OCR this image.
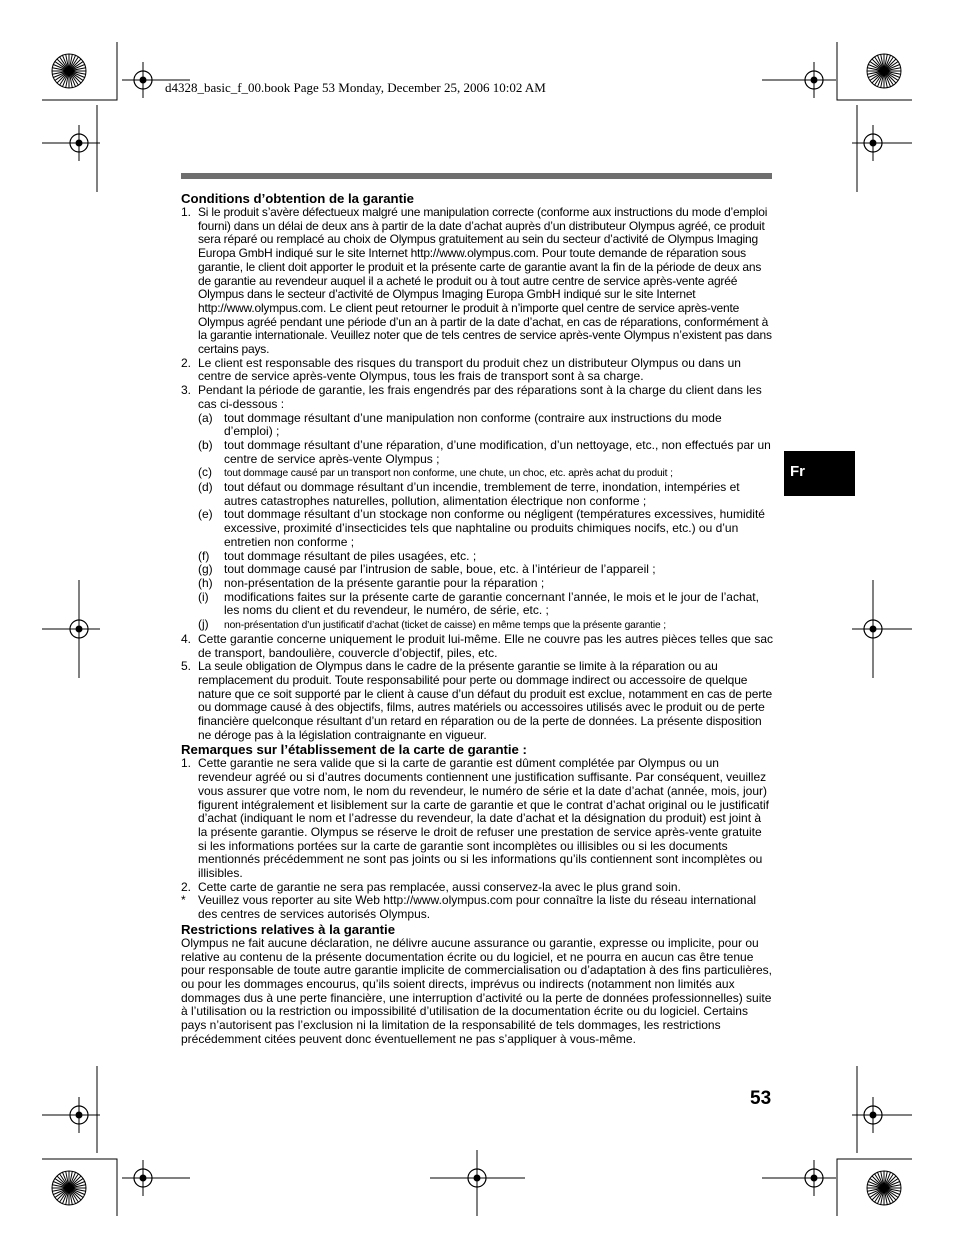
d4328_basic_f_00.book Page 53 Monday, December 25, 2006 10:02 AM
Fr
Conditions d’obtention de la garantie
1. Si le produit s’avère défectueux malgré une manipulation correcte (conforme aux instructions du mode d’emploi fourni) dans un délai de deux ans à partir de la date d’achat auprès d’un distributeur Olympus agréé, ce produit sera réparé ou remplacé au choix de Olympus gratuitement au sein du secteur d’activité de Olympus Imaging Europa GmbH indiqué sur le site Internet http://www.olympus.com. Pour toute demande de réparation sous garantie, le client doit apporter le produit et la présente carte de garantie avant la fin de la période de deux ans de garantie au revendeur auquel il a acheté le produit ou à tout autre centre de service après-vente agréé Olympus dans le secteur d’activité de Olympus Imaging Europa GmbH indiqué sur le site Internet http://www.olympus.com. Le client peut retourner le produit à n’importe quel centre de service après-vente Olympus agréé pendant une période d’un an à partir de la date d’achat, en cas de réparations, conformément à la garantie internationale. Veuillez noter que de tels centres de service après-vente Olympus n’existent pas dans certains pays.
2. Le client est responsable des risques du transport du produit chez un distributeur Olympus ou dans un centre de service après-vente Olympus, tous les frais de transport sont à sa charge.
3. Pendant la période de garantie, les frais engendrés par des réparations sont à la charge du client dans les cas ci-dessous :
(a) tout dommage résultant d’une manipulation non conforme (contraire aux instructions du mode d’emploi) ;
(b) tout dommage résultant d’une réparation, d’une modification, d’un nettoyage, etc., non effectués par un centre de service après-vente Olympus ;
(c) tout dommage causé par un transport non conforme, une chute, un choc, etc. après achat du produit ;
(d) tout défaut ou dommage résultant d’un incendie, tremblement de terre, inondation, intempéries et autres catastrophes naturelles, pollution, alimentation électrique non conforme ;
(e) tout dommage résultant d’un stockage non conforme ou négligent (températures excessives, humidité excessive, proximité d’insecticides tels que naphtaline ou produits chimiques nocifs, etc.) ou d’un entretien non conforme ;
(f) tout dommage résultant de piles usagées, etc. ;
(g) tout dommage causé par l’intrusion de sable, boue, etc. à l’intérieur de l’appareil ;
(h) non-présentation de la présente garantie pour la réparation ;
(i) modifications faites sur la présente carte de garantie concernant l’année, le mois et le jour de l’achat, les noms du client et du revendeur, le numéro, de série, etc. ;
(j) non-présentation d’un justificatif d’achat (ticket de caisse) en même temps que la présente garantie ;
4. Cette garantie concerne uniquement le produit lui-même. Elle ne couvre pas les autres pièces telles que sac de transport, bandoulière, couvercle d’objectif, piles, etc.
5. La seule obligation de Olympus dans le cadre de la présente garantie se limite à la réparation ou au remplacement du produit. Toute responsabilité pour perte ou dommage indirect ou accessoire de quelque nature que ce soit supporté par le client à cause d’un défaut du produit est exclue, notamment en cas de perte ou dommage causé à des objectifs, films, autres matériels ou accessoires utilisés avec le produit ou de perte financière quelconque résultant d’un retard en réparation ou de la perte de données. La présente disposition ne déroge pas à la législation contraignante en vigueur.
Remarques sur l’établissement de la carte de garantie :
1. Cette garantie ne sera valide que si la carte de garantie est dûment complétée par Olympus ou un revendeur agréé ou si d’autres documents contiennent une justification suffisante. Par conséquent, veuillez vous assurer que votre nom, le nom du revendeur, le numéro de série et la date d’achat (année, mois, jour) figurent intégralement et lisiblement sur la carte de garantie et que le contrat d’achat original ou le justificatif d’achat (indiquant le nom et l’adresse du revendeur, la date d’achat et la désignation du produit) est joint à la présente garantie. Olympus se réserve le droit de refuser une prestation de service après-vente gratuite si les informations portées sur la carte de garantie sont incomplètes ou illisibles ou si les documents mentionnés précédemment ne sont pas joints ou si les informations qu’ils contiennent sont incomplètes ou illisibles.
2. Cette carte de garantie ne sera pas remplacée, aussi conservez-la avec le plus grand soin.
* Veuillez vous reporter au site Web http://www.olympus.com pour connaître la liste du réseau international des centres de services autorisés Olympus.
Restrictions relatives à la garantie

Olympus ne fait aucune déclaration, ne délivre aucune assurance ou garantie, expresse ou implicite, pour ou relative au contenu de la présente documentation écrite ou du logiciel, et ne pourra en aucun cas être tenue pour responsable de toute autre garantie implicite de commercialisation ou d’adaptation à des fins particulières, ou pour les dommages encourus, qu’ils soient directs, imprévus ou indirects (notamment non limités aux dommages dus à une perte financière, une interruption d’activité ou la perte de données professionnelles) suite à l’utilisation ou la restriction ou impossibilité d’utilisation de la documentation écrite ou du logiciel. Certains pays n’autorisent pas l’exclusion ni la limitation de la responsabilité de tels dommages, les restrictions précédemment citées peuvent donc éventuellement ne pas s’appliquer à vous-même.

53
